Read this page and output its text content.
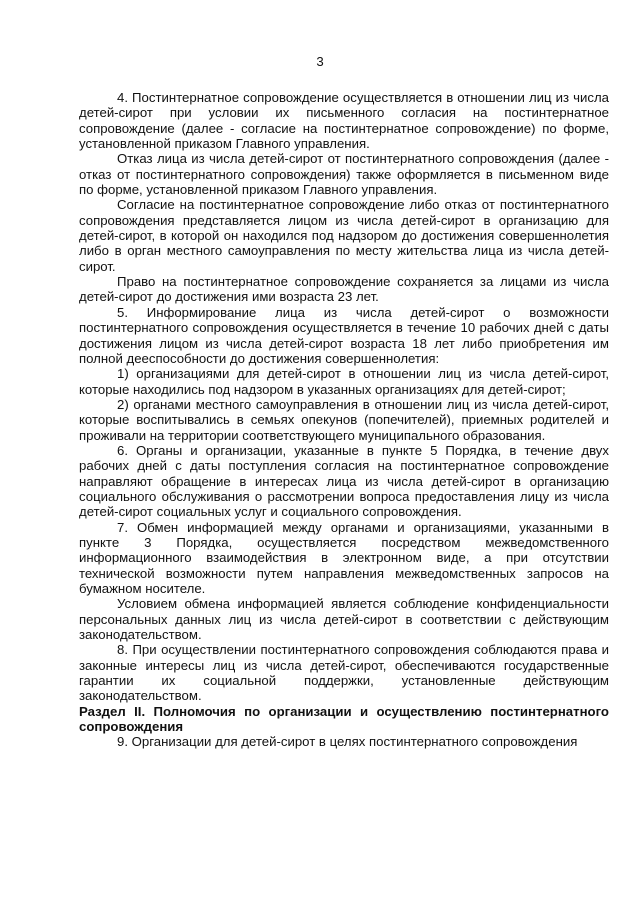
3

4. Постинтернатное сопровождение осуществляется в отношении лиц из числа детей-сирот при условии их письменного согласия на постинтернатное сопровождение (далее - согласие на постинтернатное сопровождение) по форме, установленной приказом Главного управления.

Отказ лица из числа детей-сирот от постинтернатного сопровождения (далее - отказ от постинтернатного сопровождения) также оформляется в письменном виде по форме, установленной приказом Главного управления.

Согласие на постинтернатное сопровождение либо отказ от постинтернатного сопровождения представляется лицом из числа детей-сирот в организацию для детей-сирот, в которой он находился под надзором до достижения совершеннолетия либо в орган местного самоуправления по месту жительства лица из числа детей-сирот.

Право на постинтернатное сопровождение сохраняется за лицами из числа детей-сирот до достижения ими возраста 23 лет.

5. Информирование лица из числа детей-сирот о возможности постинтернатного сопровождения осуществляется в течение 10 рабочих дней с даты достижения лицом из числа детей-сирот возраста 18 лет либо приобретения им полной дееспособности до достижения совершеннолетия:

1) организациями для детей-сирот в отношении лиц из числа детей-сирот, которые находились под надзором в указанных организациях для детей-сирот;

2) органами местного самоуправления в отношении лиц из числа детей-сирот, которые воспитывались в семьях опекунов (попечителей), приемных родителей и проживали на территории соответствующего муниципального образования.

6. Органы и организации, указанные в пункте 5 Порядка, в течение двух рабочих дней с даты поступления согласия на постинтернатное сопровождение направляют обращение в интересах лица из числа детей-сирот в организацию социального обслуживания о рассмотрении вопроса предоставления лицу из числа детей-сирот социальных услуг и социального сопровождения.

7. Обмен информацией между органами и организациями, указанными в пункте 3 Порядка, осуществляется посредством межведомственного информационного взаимодействия в электронном виде, а при отсутствии технической возможности путем направления межведомственных запросов на бумажном носителе.

Условием обмена информацией является соблюдение конфиденциальности персональных данных лиц из числа детей-сирот в соответствии с действующим законодательством.

8. При осуществлении постинтернатного сопровождения соблюдаются права и законные интересы лиц из числа детей-сирот, обеспечиваются государственные гарантии их социальной поддержки, установленные действующим законодательством.

Раздел II. Полномочия по организации и осуществлению постинтернатного сопровождения

9. Организации для детей-сирот в целях постинтернатного сопровождения
